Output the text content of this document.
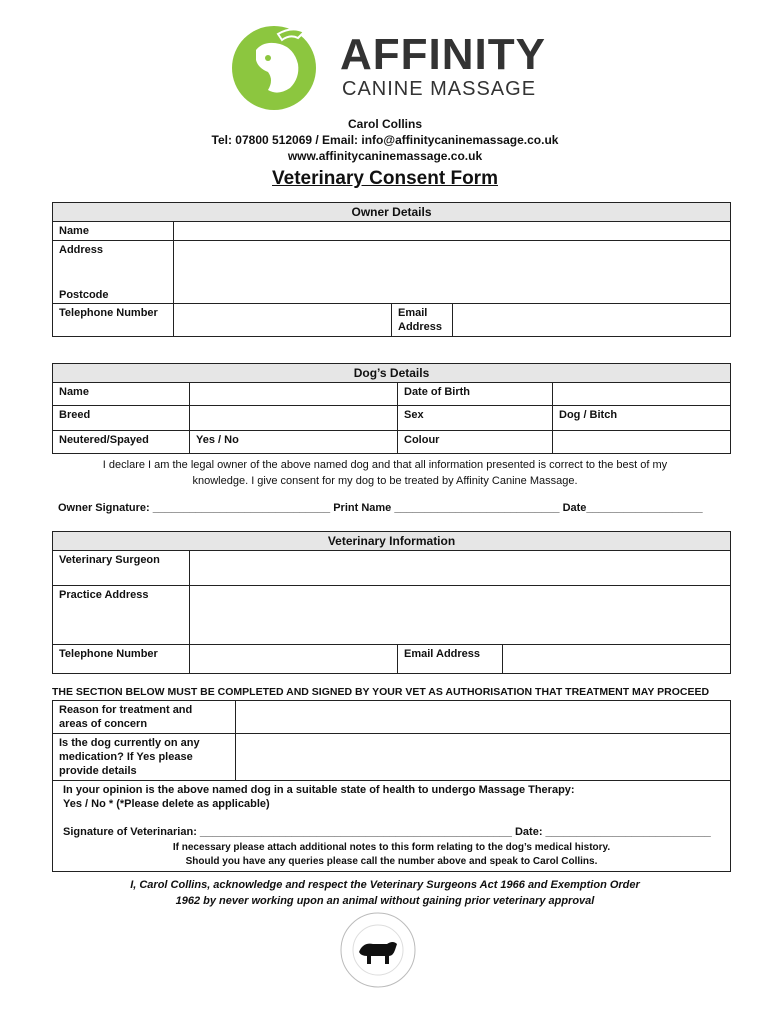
AFFINITY
CANINE MASSAGE
Carol Collins
Tel: 07800 512069 / Email: info@affinitycaninemassage.co.uk
www.affinitycaninemassage.co.uk
Veterinary Consent Form
Owner Details			
Name			
Address
Postcode			

Telephone Number		Email
Address	
Dog’s Details			
Name		Date of Birth	
Breed		Sex	Dog / Bitch
Neutered/Spayed	Yes / No	Colour	
I declare I am the legal owner of the above named dog and that all information presented is correct to the best of my
knowledge. I give consent for my dog to be treated by Affinity Canine Massage.
Owner Signature: _____________________________ Print Name ___________________________ Date___________________
Veterinary Information			
Veterinary Surgeon			
Practice Address			
Telephone Number		Email Address	
THE SECTION BELOW MUST BE COMPLETED AND SIGNED BY YOUR VET AS AUTHORISATION THAT TREATMENT MAY PROCEED
Reason for treatment and
areas of concern	
Is the dog currently on any
medication? If Yes please
provide details	

In your opinion is the above named dog in a suitable state of health to undergo Massage Therapy:
Yes / No * (*Please delete as applicable)
Signature of Veterinarian: ___________________________________________________ Date: ___________________________
If necessary please attach additional notes to this form relating to the dog’s medical history.
Should you have any queries please call the number above and speak to Carol Collins.	
I, Carol Collins, acknowledge and respect the Veterinary Surgeons Act 1966 and Exemption Order
1962 by never working upon an animal without gaining prior veterinary approval
